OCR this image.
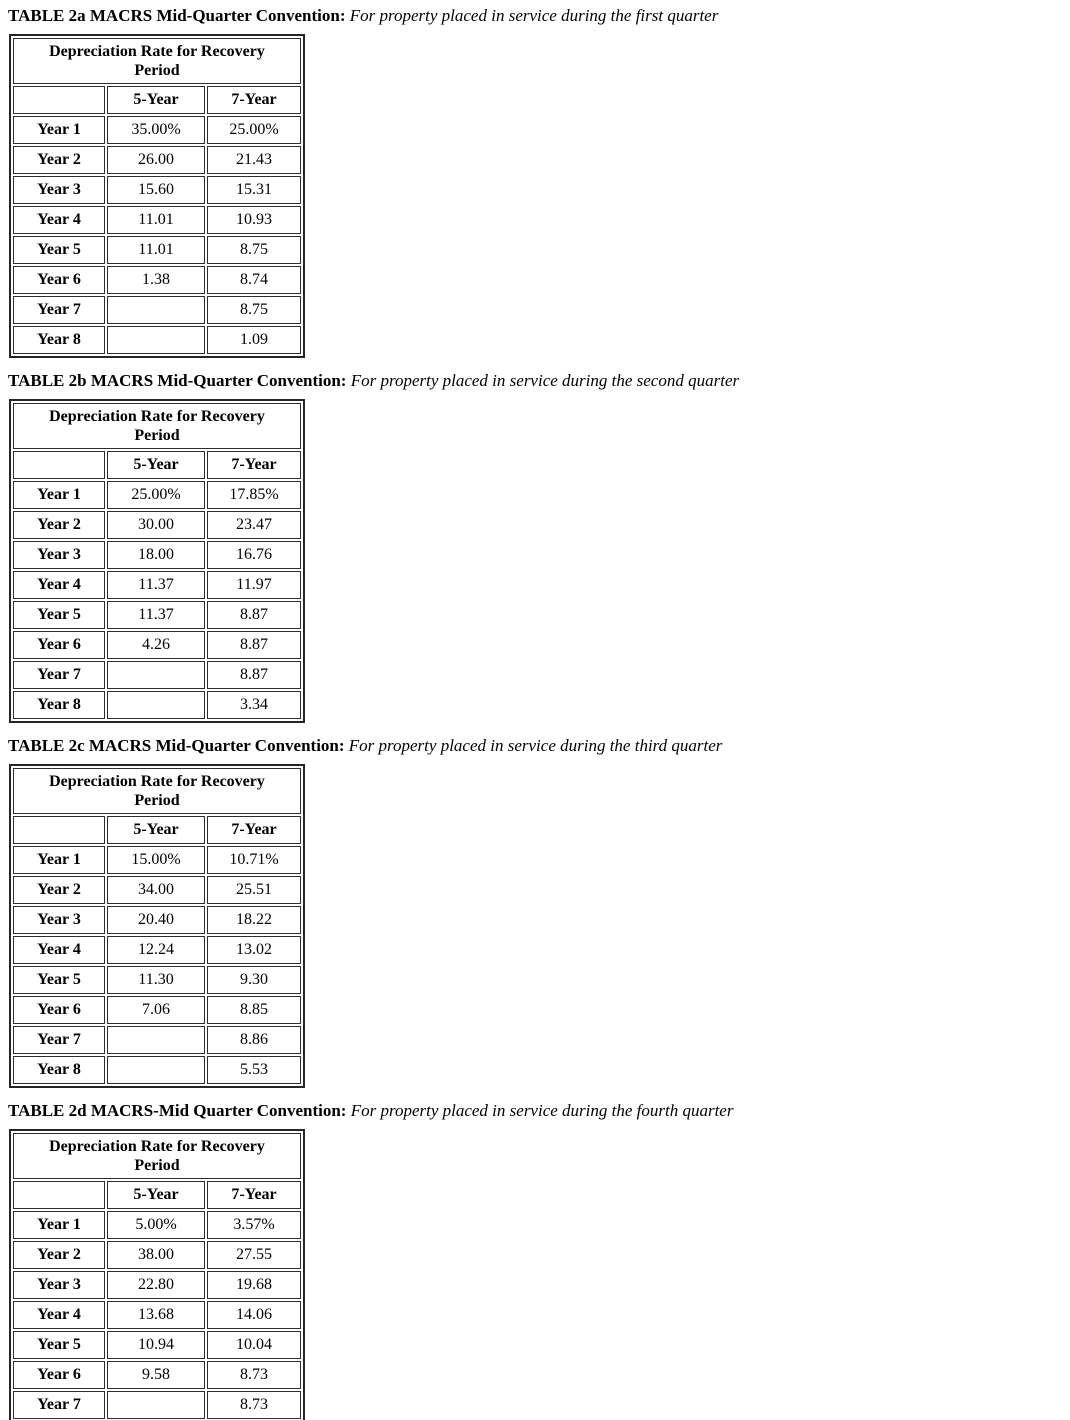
TABLE 2a MACRS Mid-Quarter Convention: For property placed in service during the first quarter

Depreciation Rate for Recovery Period		
	5-Year	7-Year
Year 1	35.00%	25.00%
Year 2	26.00	21.43
Year 3	15.60	15.31
Year 4	11.01	10.93
Year 5	11.01	8.75
Year 6	1.38	8.74
Year 7		8.75
Year 8		1.09

TABLE 2b MACRS Mid-Quarter Convention: For property placed in service during the second quarter

Depreciation Rate for Recovery Period		
	5-Year	7-Year
Year 1	25.00%	17.85%
Year 2	30.00	23.47
Year 3	18.00	16.76
Year 4	11.37	11.97
Year 5	11.37	8.87
Year 6	4.26	8.87
Year 7		8.87
Year 8		3.34

TABLE 2c MACRS Mid-Quarter Convention: For property placed in service during the third quarter

Depreciation Rate for Recovery Period		
	5-Year	7-Year
Year 1	15.00%	10.71%
Year 2	34.00	25.51
Year 3	20.40	18.22
Year 4	12.24	13.02
Year 5	11.30	9.30
Year 6	7.06	8.85
Year 7		8.86
Year 8		5.53

TABLE 2d MACRS-Mid Quarter Convention: For property placed in service during the fourth quarter

Depreciation Rate for Recovery Period		
	5-Year	7-Year
Year 1	5.00%	3.57%
Year 2	38.00	27.55
Year 3	22.80	19.68
Year 4	13.68	14.06
Year 5	10.94	10.04
Year 6	9.58	8.73
Year 7		8.73
